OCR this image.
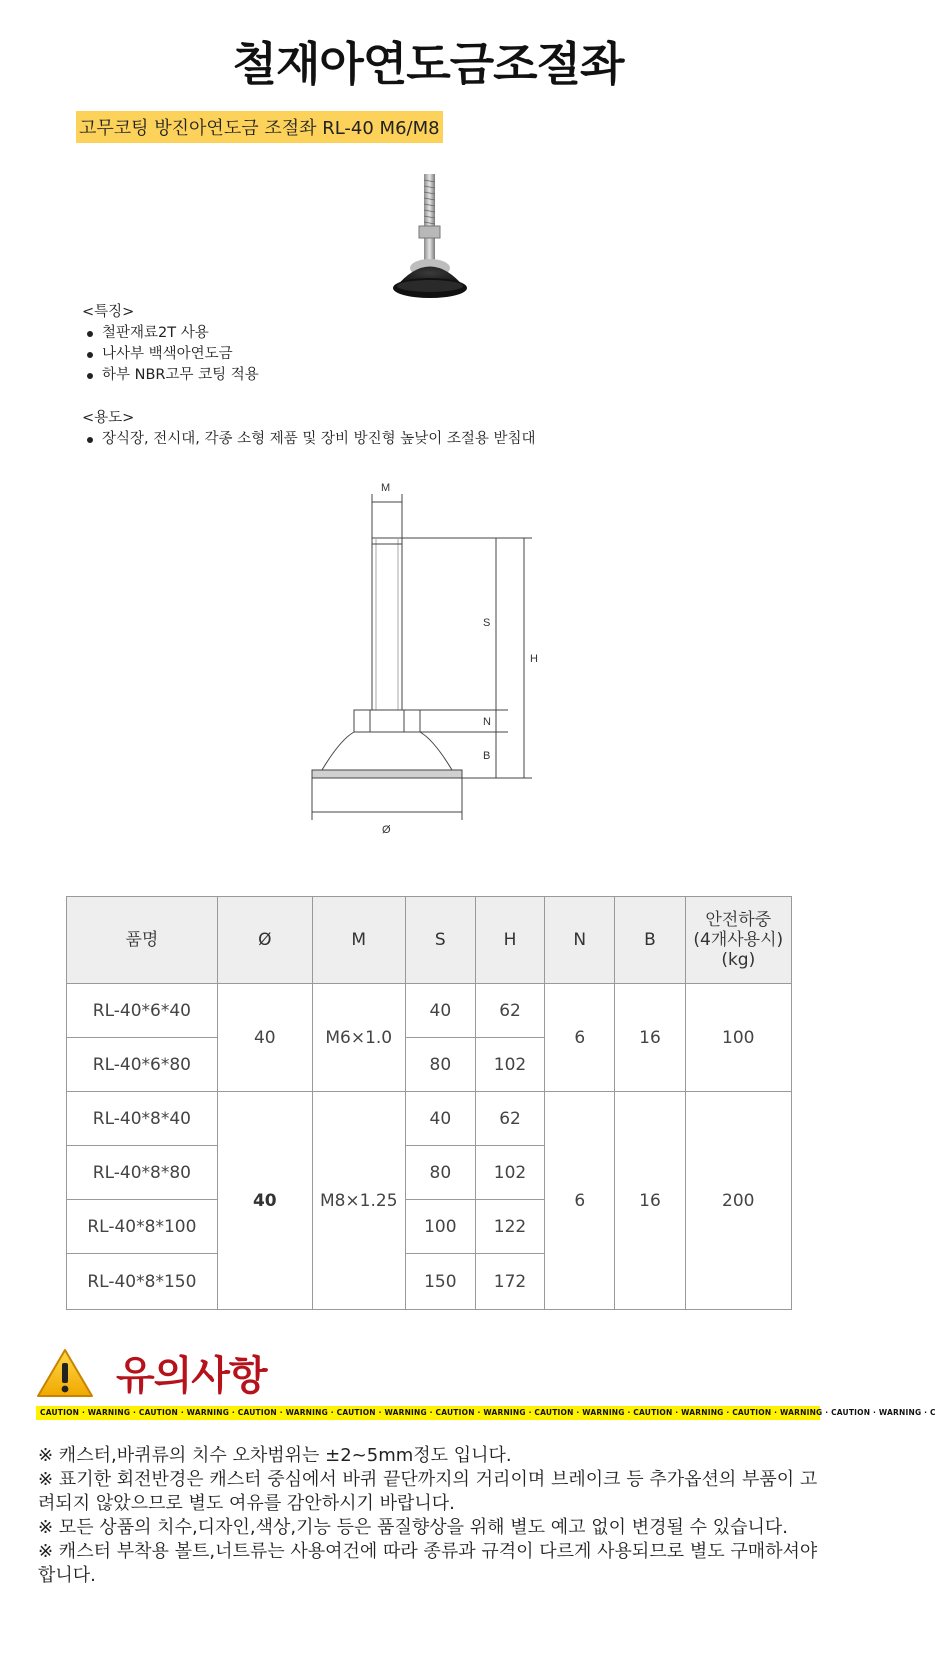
철재아연도금조절좌
고무코팅 방진아연도금 조절좌 RL-40 M6/M8

<특징>

철판재료2T 사용
나사부 백색아연도금
하부 NBR고무 코팅 적용

<용도>

장식장, 전시대, 각종 소형 제품 및 장비 방진형 높낮이 조절용 받침대
M
S
N
B
H
Ø
품명	Ø	M	S	H	N	B	안전하중
(4개사용시)
(kg)
RL-40*6*40	40	M6×1.0	40	62	6	16	100
RL-40*6*80			80	102			
RL-40*8*40	40	M8×1.25	40	62	6	16	200
RL-40*8*80			80	102			
RL-40*8*100			100	122			
RL-40*8*150			150	172			
유의사항
CAUTION · WARNING · CAUTION · WARNING · CAUTION · WARNING · CAUTION · WARNING · CAUTION · WARNING · CAUTION · WARNING · CAUTION · WARNING · CAUTION · WARNING · CAUTION · WARNING · C

※ 캐스터,바퀴류의 치수 오차범위는 ±2~5mm정도 입니다.

※ 표기한 회전반경은 캐스터 중심에서 바퀴 끝단까지의 거리이며 브레이크 등 추가옵션의 부품이 고려되지 않았으므로 별도 여유를 감안하시기 바랍니다.

※ 모든 상품의 치수,디자인,색상,기능 등은 품질향상을 위해 별도 예고 없이 변경될 수 있습니다.

※ 캐스터 부착용 볼트,너트류는 사용여건에 따라 종류과 규격이 다르게 사용되므로 별도 구매하셔야 합니다.
